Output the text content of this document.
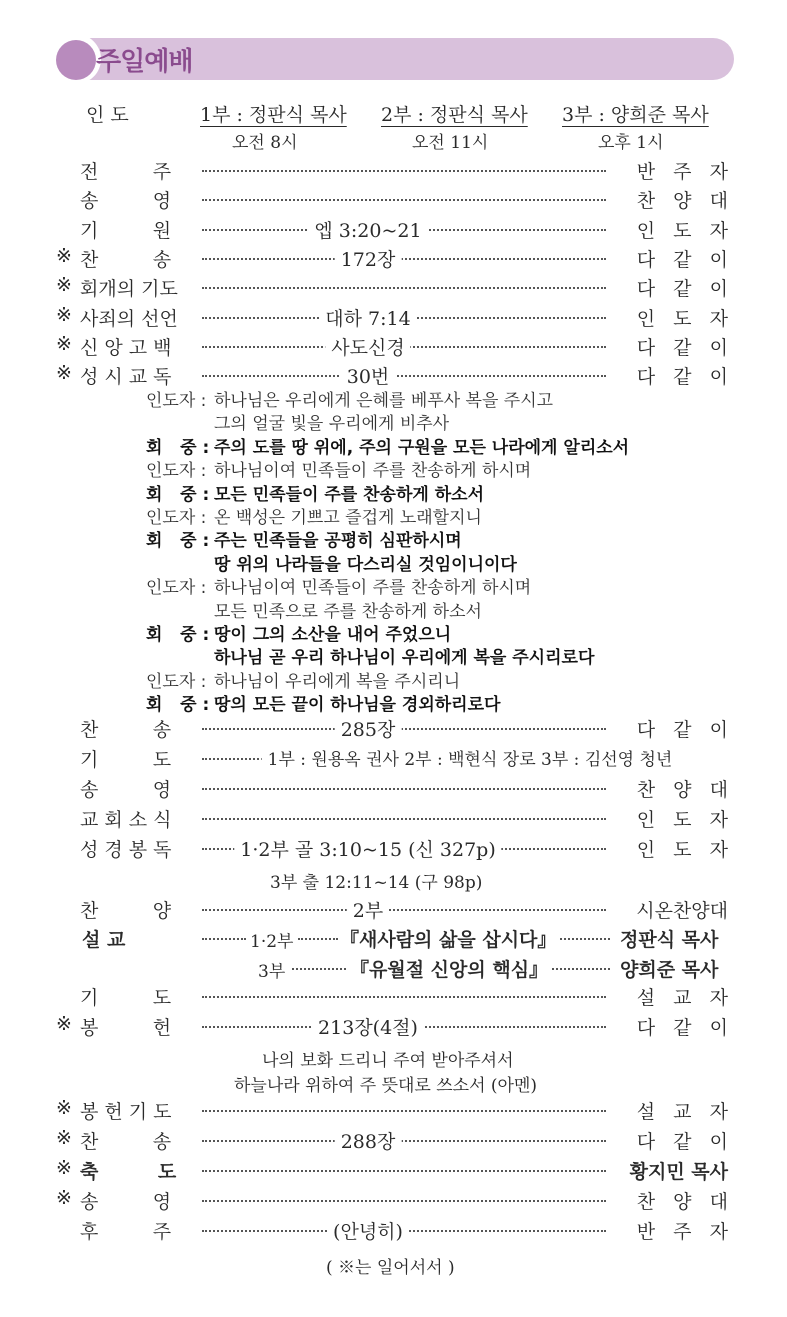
주일예배
인 도	1부 : 정판식 목사 2부 : 정판식 목사 3부 : 양희준 목사
오전 8시	오전 11시	오후 1시
전         주	반   주   자
송         영	찬   양   대
기         원	엡 3:20~21	인   도   자
※ 찬         송	172장	다   같   이
※ 회개의 기도	다   같   이
※ 사죄의 선언	대하 7:14	인   도   자
※ 신 앙 고 백	사도신경	다   같   이
※ 성 시 교 독	30번	다   같   이
찬         송	285장	다   같   이
기         도	1부 : 원용옥 권사 2부 : 백현식 장로 3부 : 김선영 청년
송         영	찬   양   대
교 회 소 식	인   도   자
성 경 봉 독	1·2부 골 3:10~15 (신 327p)	인   도   자
찬         양	2부	시온찬양대
기         도	설   교   자
※ 봉         헌	213장(4절)	다   같   이
※ 봉 헌 기 도	설   교   자
※ 찬         송	288장	다   같   이
※ 축         도	황지민 목사
※ 송         영	찬   양   대
후         주	(안녕히)	반   주   자
인도자 : 하나님은 우리에게 은혜를 베푸사 복을 주시고
그의 얼굴 빛을 우리에게 비추사
회   중 : 주의 도를 땅 위에, 주의 구원을 모든 나라에게 알리소서
인도자 : 하나님이여 민족들이 주를 찬송하게 하시며
회   중 : 모든 민족들이 주를 찬송하게 하소서
인도자 : 온 백성은 기쁘고 즐겁게 노래할지니
회   중 : 주는 민족들을 공평히 심판하시며
땅 위의 나라들을 다스리실 것임이니이다
인도자 : 하나님이여 민족들이 주를 찬송하게 하시며
모든 민족으로 주를 찬송하게 하소서
회   중 : 땅이 그의 소산을 내어 주었으니
하나님 곧 우리 하나님이 우리에게 복을 주시리로다
인도자 : 하나님이 우리에게 복을 주시리니
회   중 : 땅의 모든 끝이 하나님을 경외하리로다
설 교	1·2부 『새사람의 삶을 삽시다』	정판식 목사
3부	『유월절 신앙의 핵심』	양희준 목사
3부 출 12:11~14 (구 98p)
나의 보화 드리니 주여 받아주셔서
하늘나라 위하여 주 뜻대로 쓰소서 (아멘)
( ※는 일어서서 )
